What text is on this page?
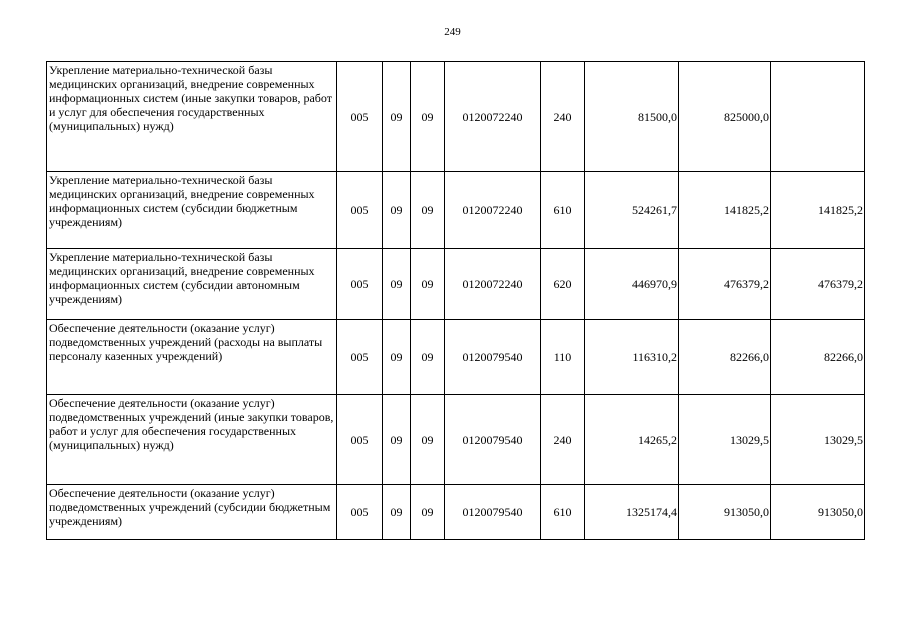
249
Укрепление материально-технической базы медицинских организаций, внедрение современных информационных систем (иные закупки товаров, работ и услуг для обеспечения государственных (муниципальных) нужд)	005	09	09	0120072240	240	81500,0	825000,0	
Укрепление материально-технической базы медицинских организаций, внедрение современных информационных систем (субсидии бюджетным учреждениям)	005	09	09	0120072240	610	524261,7	141825,2	141825,2
Укрепление материально-технической базы медицинских организаций, внедрение современных информационных систем (субсидии автономным учреждениям)	005	09	09	0120072240	620	446970,9	476379,2	476379,2
Обеспечение деятельности (оказание услуг) подведомственных учреждений (расходы на выплаты персоналу казенных учреждений)	005	09	09	0120079540	110	116310,2	82266,0	82266,0
Обеспечение деятельности (оказание услуг) подведомственных учреждений (иные закупки товаров, работ и услуг для обеспечения государственных (муниципальных) нужд)	005	09	09	0120079540	240	14265,2	13029,5	13029,5
Обеспечение деятельности (оказание услуг) подведомственных учреждений (субсидии бюджетным учреждениям)	005	09	09	0120079540	610	1325174,4	913050,0	913050,0
